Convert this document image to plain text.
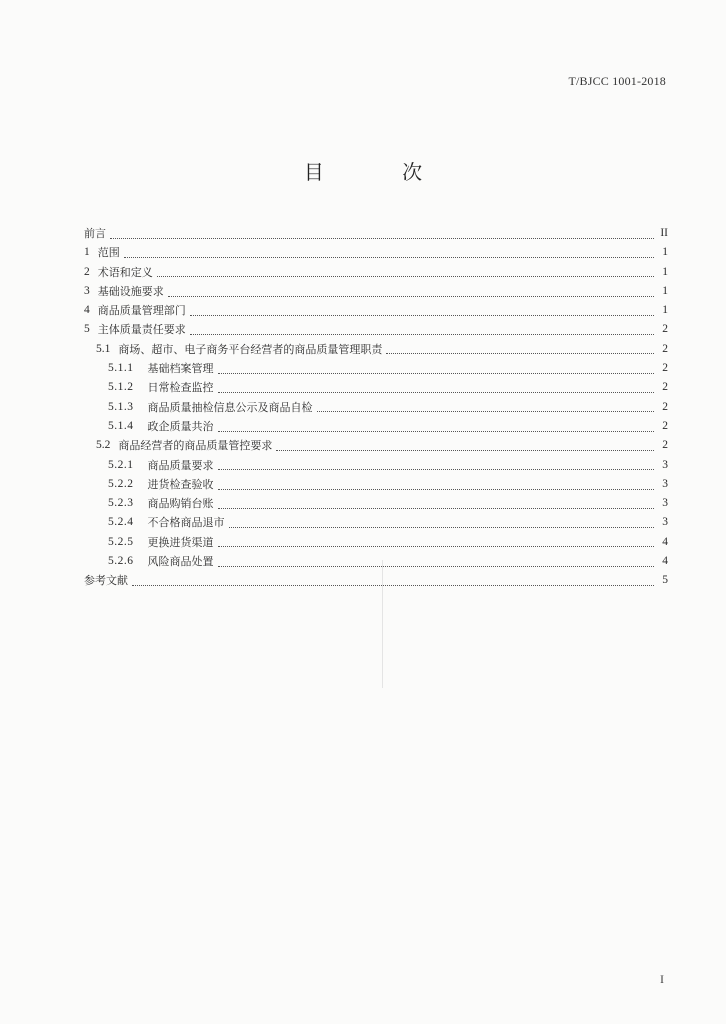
T/BJCC 1001-2018
目 次
前言	II
1 范围	1
2 术语和定义	1
3 基础设施要求	1
4 商品质量管理部门	1
5 主体质量责任要求	2
5.1 商场、超市、电子商务平台经营者的商品质量管理职责	2
5.1.1 基础档案管理	2
5.1.2 日常检查监控	2
5.1.3 商品质量抽检信息公示及商品自检	2
5.1.4 政企质量共治	2
5.2 商品经营者的商品质量管控要求	2
5.2.1 商品质量要求	3
5.2.2 进货检查验收	3
5.2.3 商品购销台账	3
5.2.4 不合格商品退市	3
5.2.5 更换进货渠道	4
5.2.6 风险商品处置	4
参考文献	5
I
